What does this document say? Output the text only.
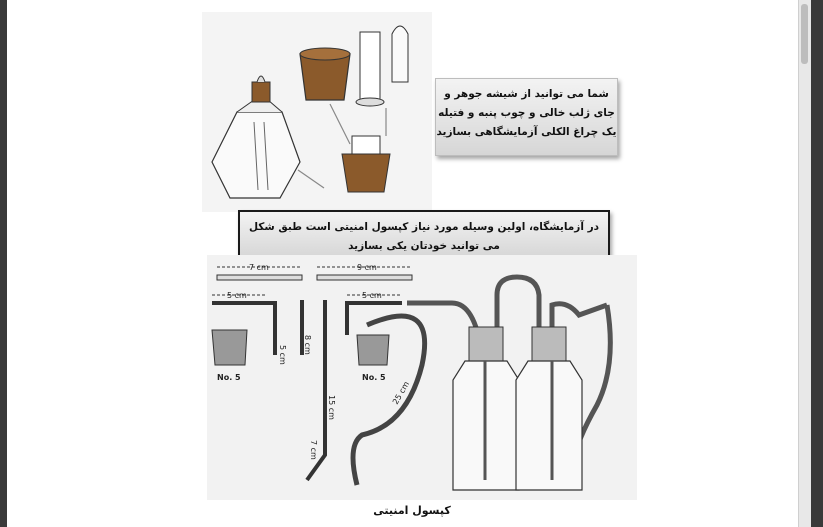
شما می توانید از شیشه جوهر و جای ژلب خالی و چوب پنبه و فتیله یک چراغ الکلی آزمایشگاهی بسازید
در آزمایشگاه، اولین وسیله مورد نیاز کپسول امنیتی است طبق شکل می توانید خودتان یکی بسازید
7 cm	9 cm
5 cm
5 cm
No. 5
8 cm
15 cm
7 cm
5 cm
No. 5
25 cm
کپسول امنیتی
